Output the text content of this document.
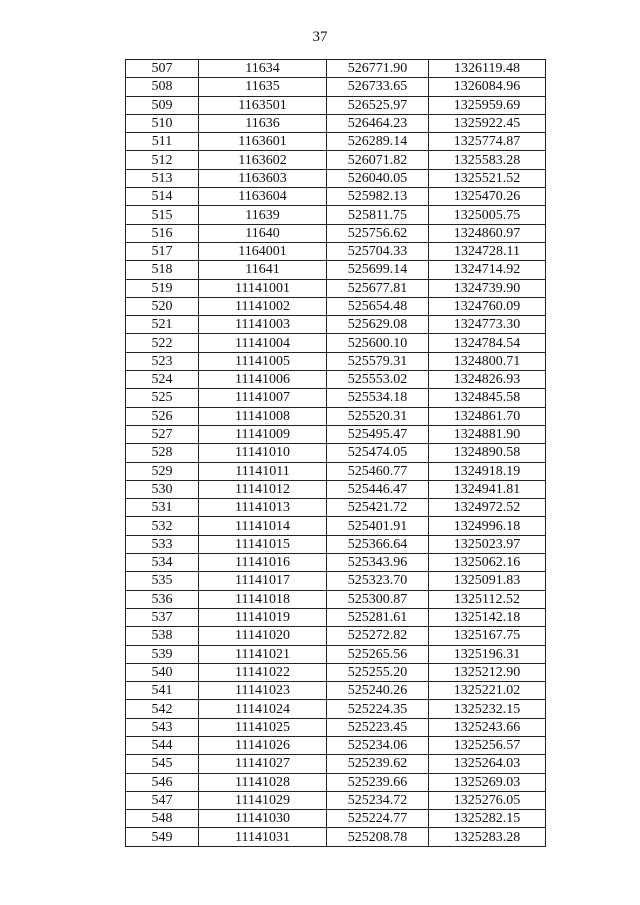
37
507	11634	526771.90	1326119.48
508	11635	526733.65	1326084.96
509	1163501	526525.97	1325959.69
510	11636	526464.23	1325922.45
511	1163601	526289.14	1325774.87
512	1163602	526071.82	1325583.28
513	1163603	526040.05	1325521.52
514	1163604	525982.13	1325470.26
515	11639	525811.75	1325005.75
516	11640	525756.62	1324860.97
517	1164001	525704.33	1324728.11
518	11641	525699.14	1324714.92
519	11141001	525677.81	1324739.90
520	11141002	525654.48	1324760.09
521	11141003	525629.08	1324773.30
522	11141004	525600.10	1324784.54
523	11141005	525579.31	1324800.71
524	11141006	525553.02	1324826.93
525	11141007	525534.18	1324845.58
526	11141008	525520.31	1324861.70
527	11141009	525495.47	1324881.90
528	11141010	525474.05	1324890.58
529	11141011	525460.77	1324918.19
530	11141012	525446.47	1324941.81
531	11141013	525421.72	1324972.52
532	11141014	525401.91	1324996.18
533	11141015	525366.64	1325023.97
534	11141016	525343.96	1325062.16
535	11141017	525323.70	1325091.83
536	11141018	525300.87	1325112.52
537	11141019	525281.61	1325142.18
538	11141020	525272.82	1325167.75
539	11141021	525265.56	1325196.31
540	11141022	525255.20	1325212.90
541	11141023	525240.26	1325221.02
542	11141024	525224.35	1325232.15
543	11141025	525223.45	1325243.66
544	11141026	525234.06	1325256.57
545	11141027	525239.62	1325264.03
546	11141028	525239.66	1325269.03
547	11141029	525234.72	1325276.05
548	11141030	525224.77	1325282.15
549	11141031	525208.78	1325283.28
